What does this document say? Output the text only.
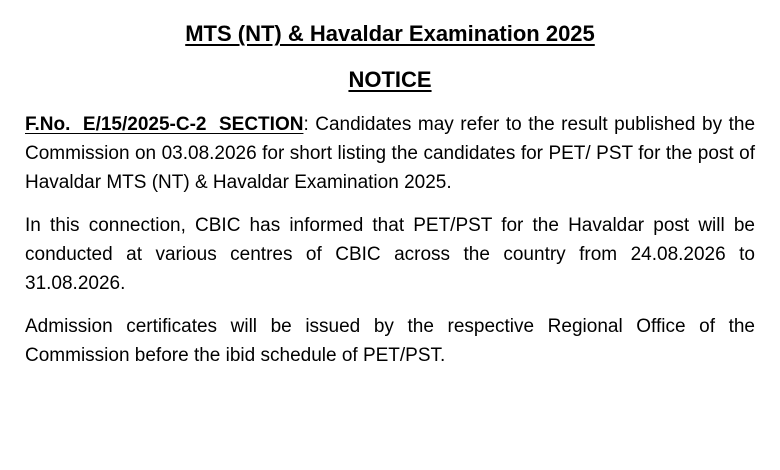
MTS (NT) & Havaldar Examination 2025
NOTICE

F.No. E/15/2025-C-2 SECTION: Candidates may refer to the result published by the Commission on 03.08.2026 for short listing the candidates for PET/ PST for the post of Havaldar MTS (NT) & Havaldar Examination 2025.

In this connection, CBIC has informed that PET/PST for the Havaldar post will be conducted at various centres of CBIC across the country from 24.08.2026 to 31.08.2026.

Admission certificates will be issued by the respective Regional Office of the Commission before the ibid schedule of PET/PST.
